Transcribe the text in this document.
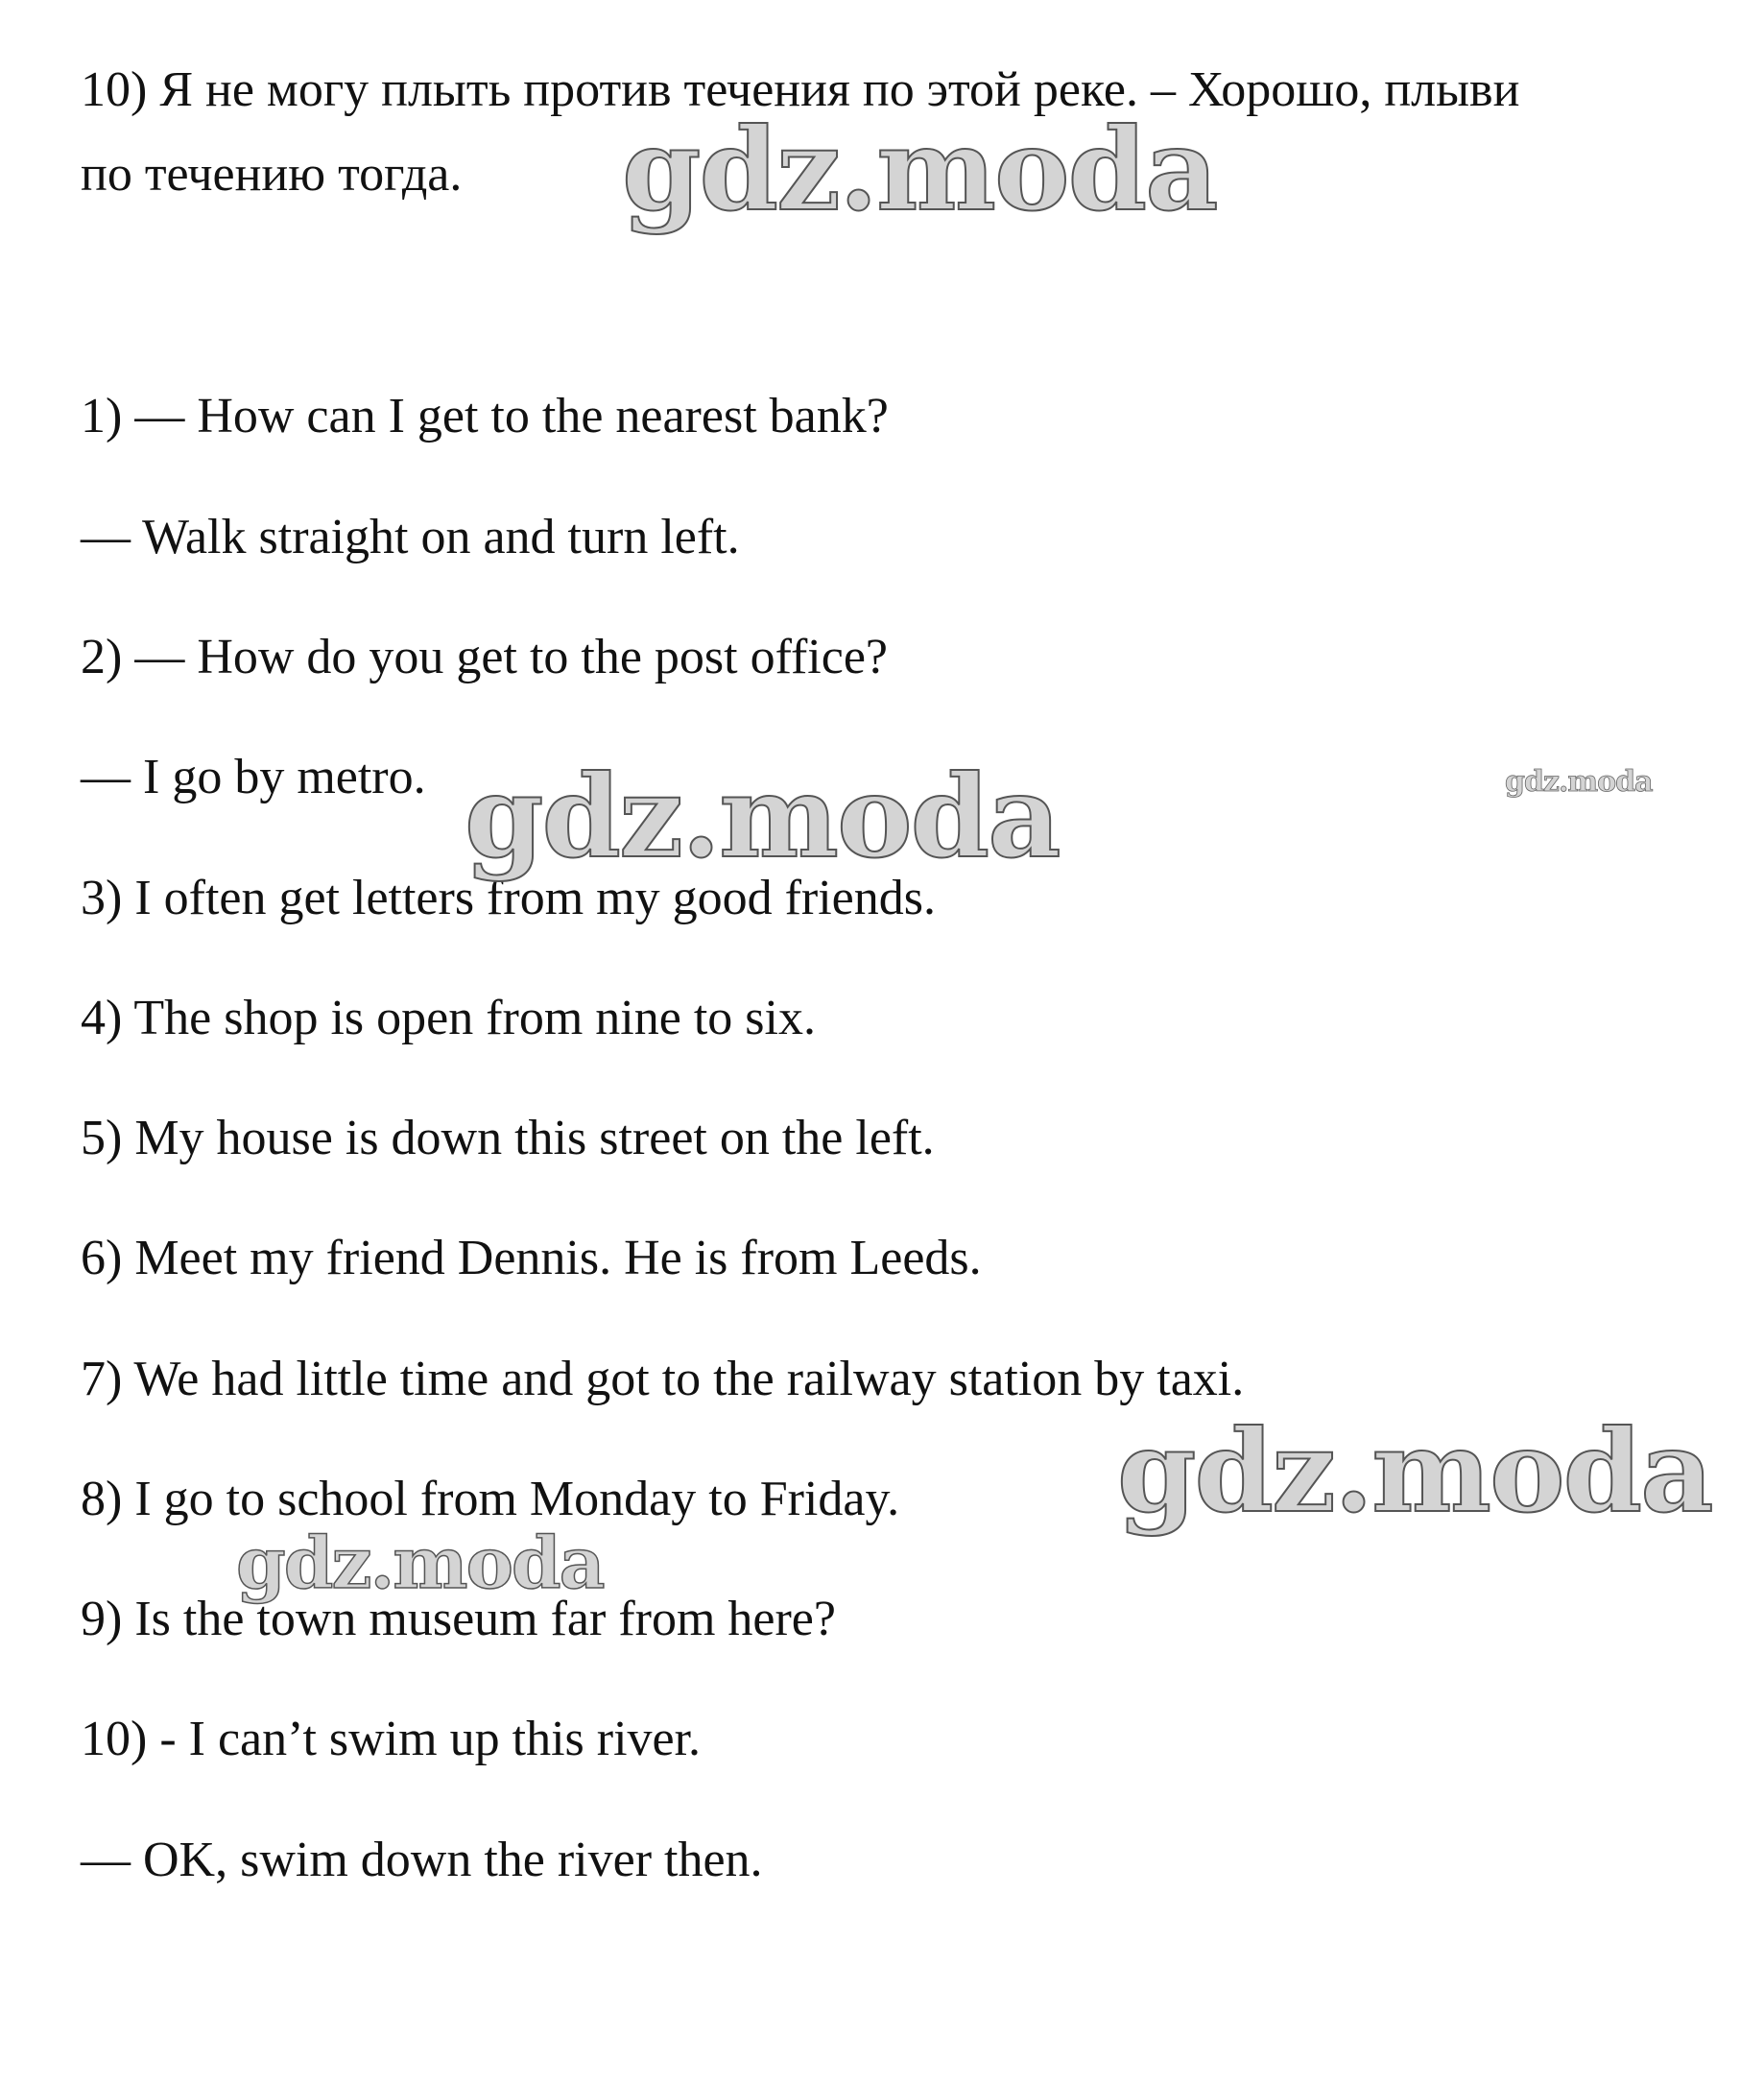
10) Я не могу плыть против течения по этой реке. – Хорошо, плыви
по течению тогда.
1) — How can I get to the nearest bank?
— Walk straight on and turn left.
2) — How do you get to the post office?
— I go by metro.
3) I often get letters from my good friends.
4) The shop is open from nine to six.
5) My house is down this street on the left.
6) Meet my friend Dennis. He is from Leeds.
7) We had little time and got to the railway station by taxi.
8) I go to school from Monday to Friday.
9) Is the town museum far from here?
10) - I can’t swim up this river.
— OK, swim down the river then.
gdz.moda
gdz.moda	gdz.moda
gdz.moda
gdz.moda
